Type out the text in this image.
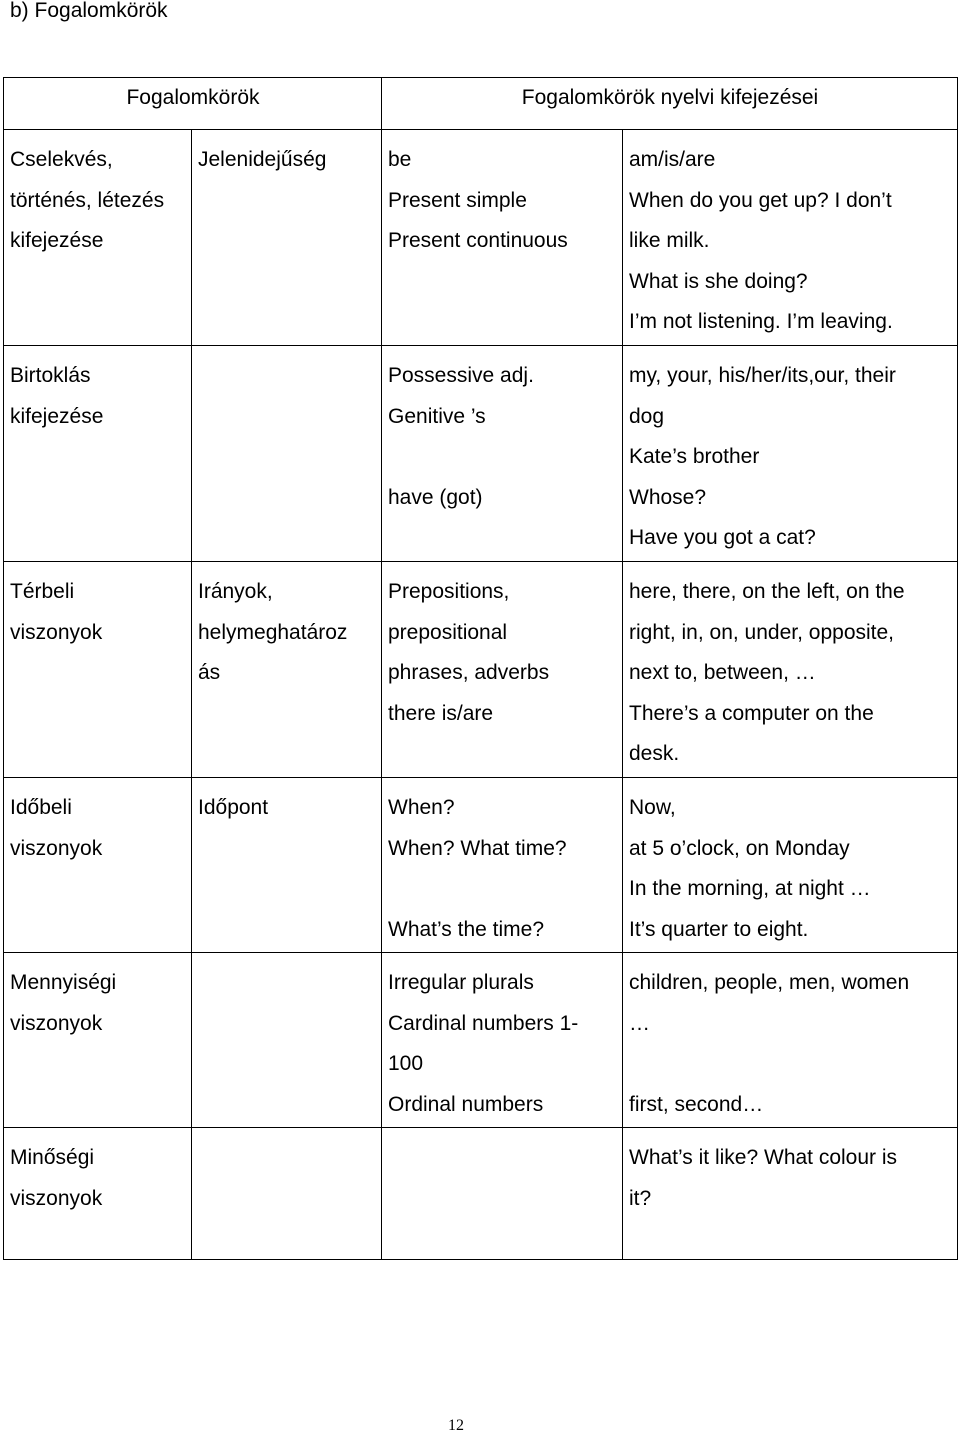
b) Fogalomkörök
Fogalomkörök		Fogalomkörök nyelvi kifejezései	

Cselekvés,
történés, létezés
kifejezése	Jelenidejűség	be
Present simple
Present continuous	am/is/are
When do you get up? I don’t
like milk.
What is she doing?
I’m not listening. I’m leaving.

Birtoklás
kifejezése		Possessive adj.
Genitive ’s

have (got)	my, your, his/her/its,our, their
dog
Kate’s brother
Whose?
Have you got a cat?

Térbeli
viszonyok	Irányok,
helymeghatároz
ás	Prepositions,
prepositional
phrases, adverbs
there is/are	here, there, on the left, on the
right, in, on, under, opposite,
next to, between, …
There’s a computer on the
desk.

Időbeli
viszonyok	Időpont	When?
When? What time?

What’s the time?	Now,
at 5 o’clock, on Monday
In the morning, at night …
It’s quarter to eight.

Mennyiségi
viszonyok		Irregular plurals
Cardinal numbers 1-
100
Ordinal numbers	children, people, men, women
…

first, second…

Minőségi
viszonyok			What’s it like? What colour is
it?
12
